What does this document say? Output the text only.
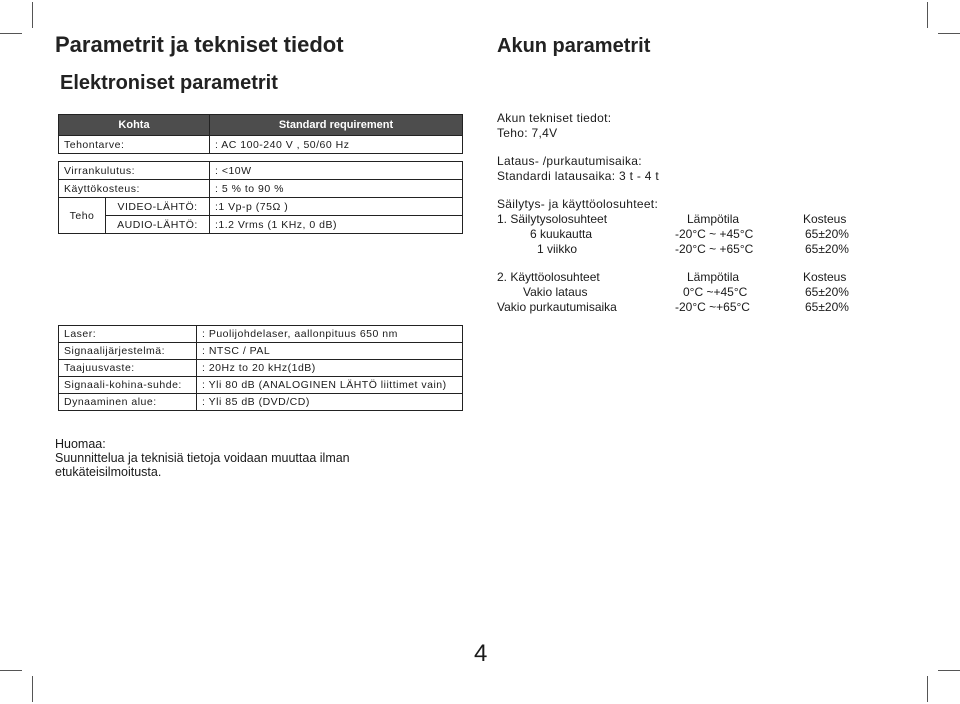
Parametrit ja tekniset tiedot
Elektroniset parametrit
Kohta		Standard requirement
Tehontarve:		: AC 100-240 V , 50/60 Hz

Virrankulutus:		: <10W
Käyttökosteus:		: 5 % to 90 %
Teho	VIDEO-LÄHTÖ:	:1 Vp-p (75Ω )
	AUDIO-LÄHTÖ:	:1.2 Vrms (1 KHz, 0 dB)
Laser:	: Puolijohdelaser, aallonpituus 650 nm
Signaalijärjestelmä:	: NTSC / PAL
Taajuusvaste:	: 20Hz to 20 kHz(1dB)
Signaali-kohina-suhde:	: Yli 80 dB (ANALOGINEN LÄHTÖ liittimet vain)
Dynaaminen alue:	: Yli 85 dB (DVD/CD)
Huomaa:
Suunnittelua ja teknisiä tietoja voidaan muuttaa ilman
etukäteisilmoitusta.
Akun parametrit
Akun tekniset tiedot:
Teho: 7,4V
Lataus- /purkautumisaika:
Standardi latausaika: 3 t - 4 t
Säilytys- ja käyttöolosuhteet:
1. Säilytysolosuhteet	Lämpötila	Kosteus
6 kuukautta	-20°C ~ +45°C	65±20%
1 viikko	-20°C ~ +65°C	65±20%
2. Käyttöolosuhteet	Lämpötila	Kosteus
Vakio lataus	0°C ~+45°C	65±20%
Vakio purkautumisaika	-20°C ~+65°C	65±20%
4
